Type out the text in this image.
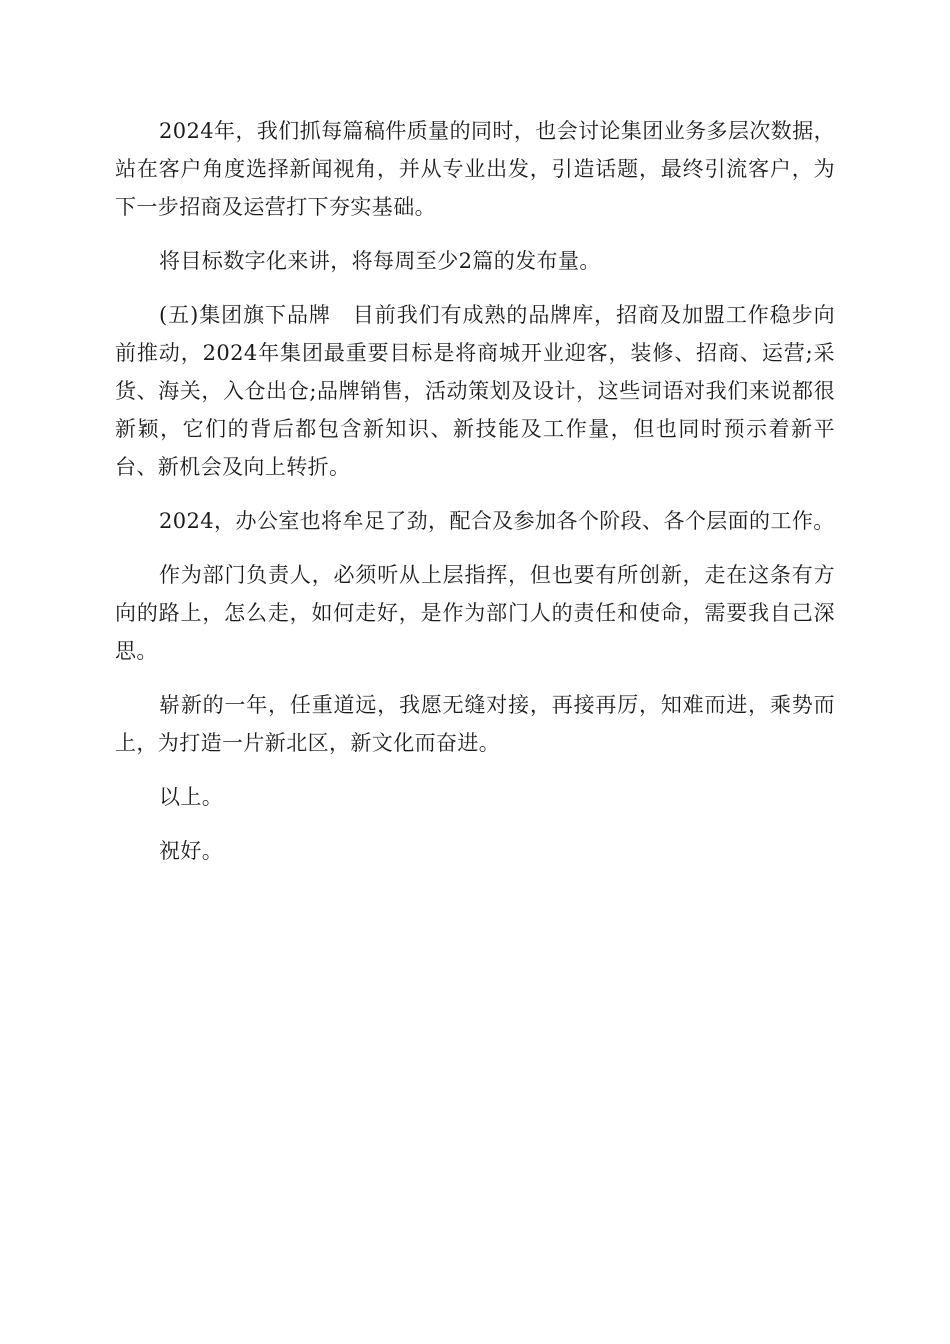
2024年，我们抓每篇稿件质量的同时，也会讨论集团业务多层次数据，站在客户角度选择新闻视角，并从专业出发，引造话题，最终引流客户，为下一步招商及运营打下夯实基础。

将目标数字化来讲，将每周至少2篇的发布量。

(五)集团旗下品牌　目前我们有成熟的品牌库，招商及加盟工作稳步向前推动，2024年集团最重要目标是将商城开业迎客，装修、招商、运营;采货、海关，入仓出仓;品牌销售，活动策划及设计，这些词语对我们来说都很新颖，它们的背后都包含新知识、新技能及工作量，但也同时预示着新平台、新机会及向上转折。

2024，办公室也将牟足了劲，配合及参加各个阶段、各个层面的工作。

作为部门负责人，必须听从上层指挥，但也要有所创新，走在这条有方向的路上，怎么走，如何走好，是作为部门人的责任和使命，需要我自己深思。

崭新的一年，任重道远，我愿无缝对接，再接再厉，知难而进，乘势而上，为打造一片新北区，新文化而奋进。

以上。

祝好。
